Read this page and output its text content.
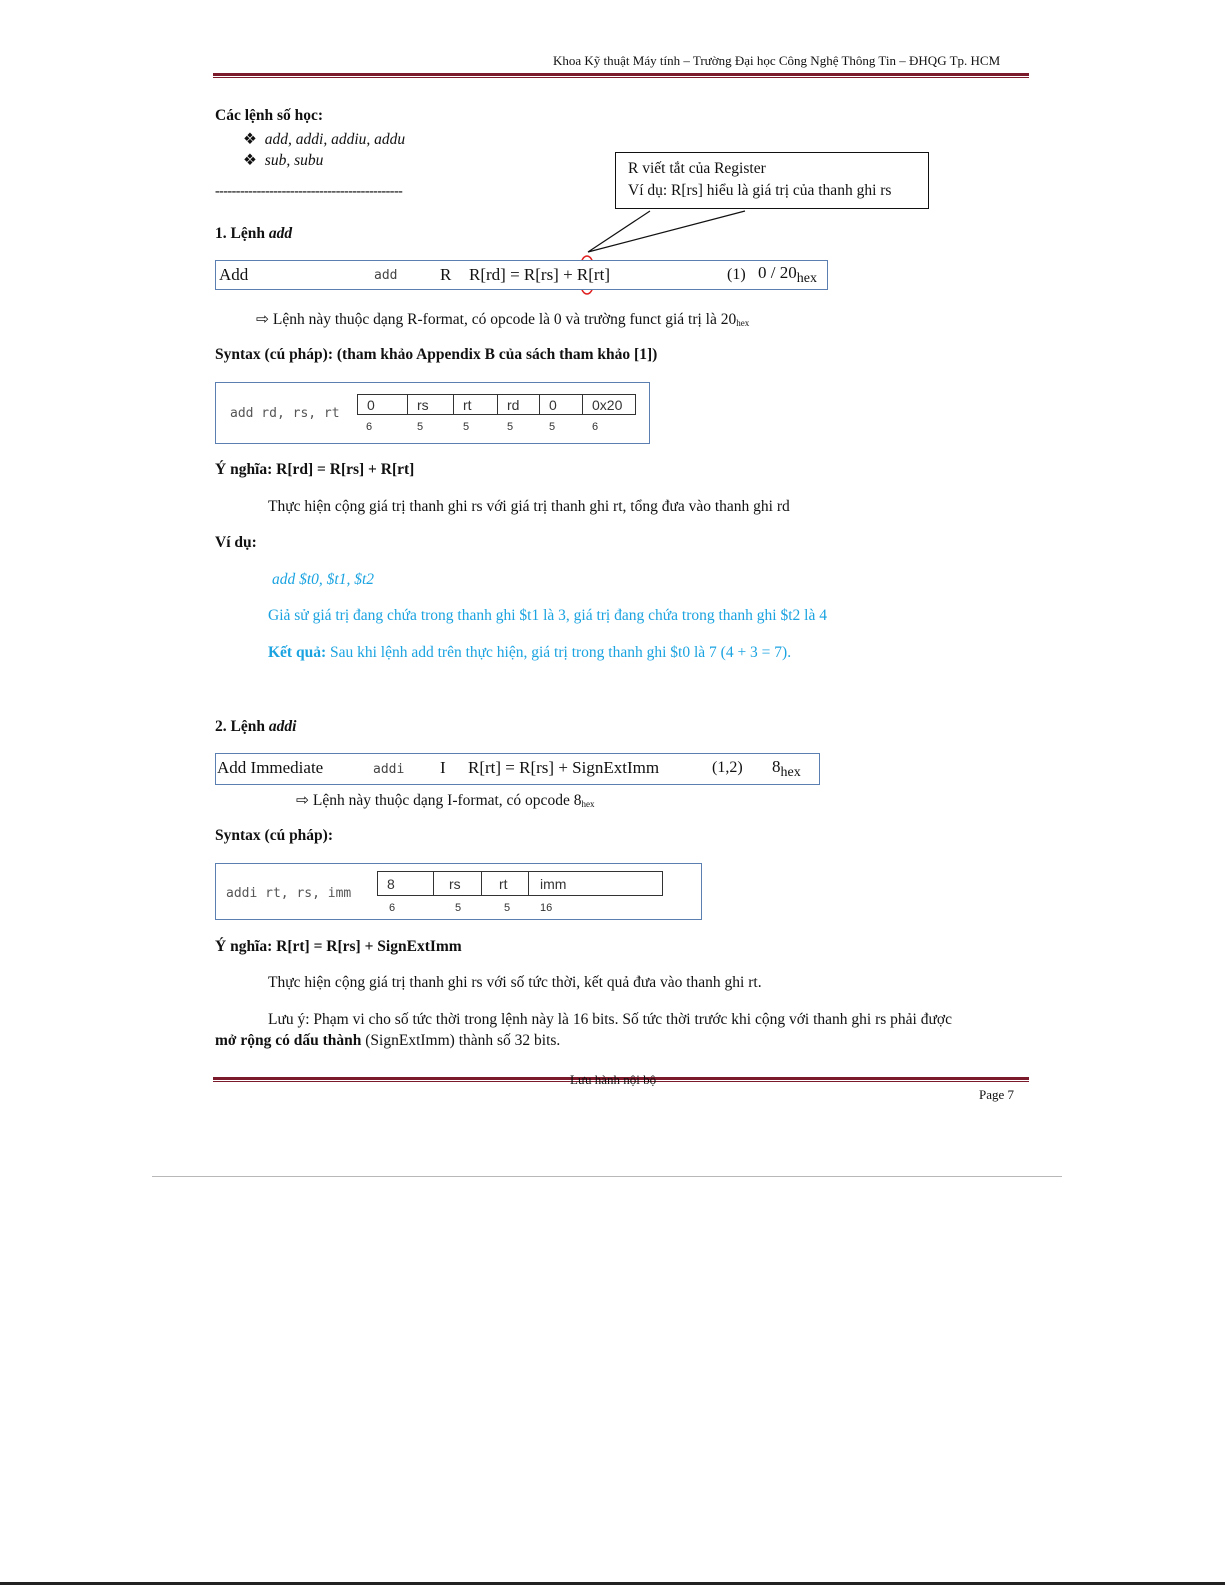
Khoa Kỹ thuật Máy tính – Trường Đại học Công Nghệ Thông Tin – ĐHQG Tp. HCM
Các lệnh số học:
❖ add, addi, addiu, addu
❖ sub, subu
---------------------------------------------
R viết tắt của Register
Ví dụ: R[rs] hiểu là giá trị của thanh ghi rs
1. Lệnh add
Add	add	R R[rd] = R[rs] + R[rt]	(1) $0 / 20_{hex}$
⇨ Lệnh này thuộc dạng R-format, có opcode là 0 và trường funct giá trị là $20_{hex}$
Syntax (cú pháp): (tham khảo Appendix B của sách tham khảo [1])
add rd, rs, rt
0	rs	rt	rd	0	0x20
6	5	5	5	5	6
Ý nghĩa: R[rd] = R[rs] + R[rt]
Thực hiện cộng giá trị thanh ghi rs với giá trị thanh ghi rt, tổng đưa vào thanh ghi rd
Ví dụ:
add $t0, $t1, $t2
Giả sử giá trị đang chứa trong thanh ghi $t1 là 3, giá trị đang chứa trong thanh ghi $t2 là 4
Kết quả: Sau khi lệnh add trên thực hiện, giá trị trong thanh ghi $t0 là 7 (4 + 3 = 7).
2. Lệnh addi
Add Immediate	addi I R[rt] = R[rs] + SignExtImm	(1,2) $8_{hex}$
⇨ Lệnh này thuộc dạng I-format, có opcode $8_{hex}$
Syntax (cú pháp):
addi rt, rs, imm
8	rs	rt	imm
6	5	5	16
Ý nghĩa: R[rt] = R[rs] + SignExtImm
Thực hiện cộng giá trị thanh ghi rs với số tức thời, kết quả đưa vào thanh ghi rt.
Lưu ý: Phạm vi cho số tức thời trong lệnh này là 16 bits. Số tức thời trước khi cộng với thanh ghi rs phải được
mở rộng có dấu thành (SignExtImm) thành số 32 bits.
Lưu hành nội bộ
Page 7
